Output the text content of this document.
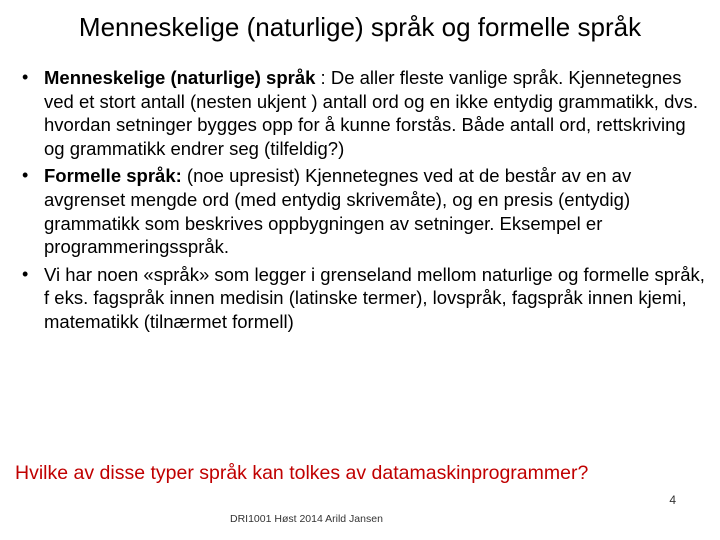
Menneskelige (naturlige) språk og formelle språk
• Menneskelige (naturlige) språk : De aller fleste vanlige språk. Kjennetegnes ved et stort antall (nesten ukjent ) antall ord og en ikke entydig grammatikk, dvs. hvordan setninger bygges opp for å kunne forstås. Både antall ord, rettskriving og grammatikk endrer seg (tilfeldig?)
• Formelle språk: (noe upresist) Kjennetegnes ved at de består av en av avgrenset mengde ord (med entydig skrivemåte), og en presis (entydig) grammatikk som beskrives oppbygningen av setninger. Eksempel er programmeringsspråk.
• Vi har noen «språk» som legger i grenseland mellom naturlige og formelle språk, f eks. fagspråk innen medisin (latinske termer), lovspråk, fagspråk innen kjemi, matematikk (tilnærmet formell)
Hvilke av disse typer språk kan tolkes av datamaskinprogrammer?
4
DRI1001 Høst 2014 Arild Jansen
